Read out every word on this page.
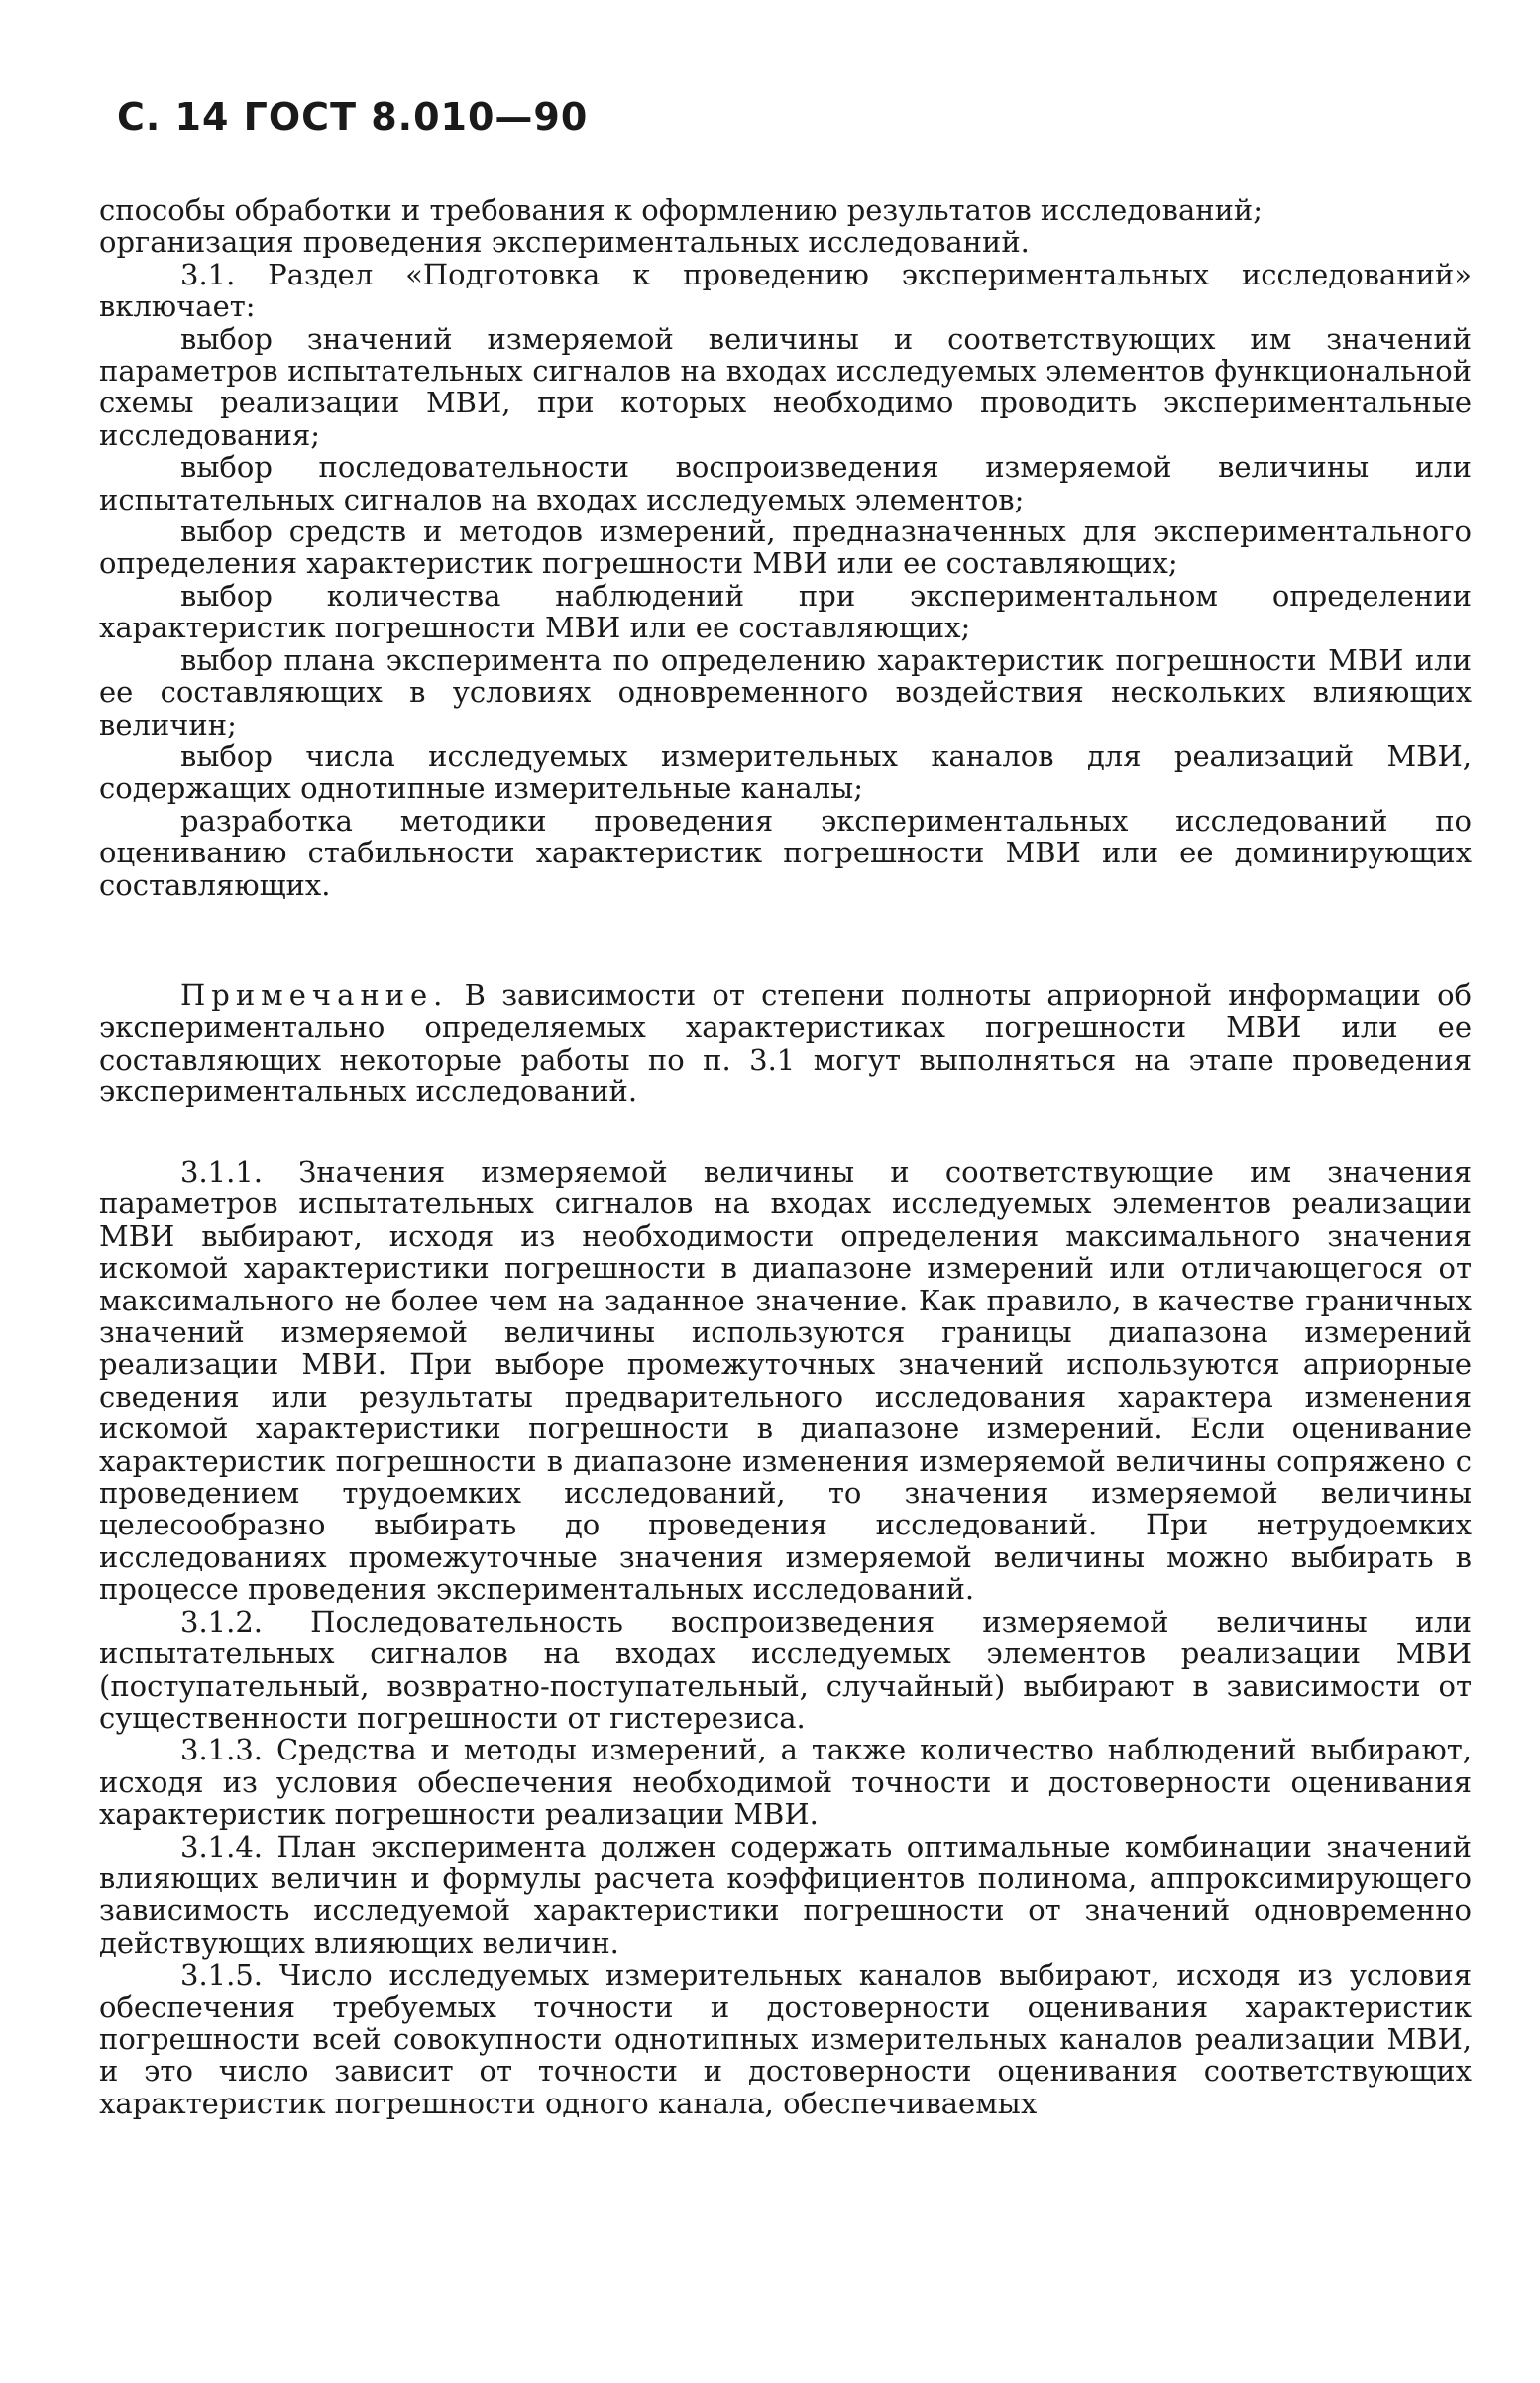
С. 14 ГОСТ 8.010—90

способы обработки и требования к оформлению результатов исследований;

организация проведения экспериментальных исследований.

3.1. Раздел «Подготовка к проведению экспериментальных исследований» включает:

выбор значений измеряемой величины и соответствующих им значений параметров испытательных сигналов на входах исследуемых элементов функциональной схемы реализации МВИ, при которых необходимо проводить экспериментальные исследования;

выбор последовательности воспроизведения измеряемой величины или испытательных сигналов на входах исследуемых элементов;

выбор средств и методов измерений, предназначенных для экспериментального определения характеристик погрешности МВИ или ее составляющих;

выбор количества наблюдений при экспериментальном определении характеристик погрешности МВИ или ее составляющих;

выбор плана эксперимента по определению характеристик погрешности МВИ или ее составляющих в условиях одновременного воздействия нескольких влияющих величин;

выбор числа исследуемых измерительных каналов для реализаций МВИ, содержащих однотипные измерительные каналы;

разработка методики проведения экспериментальных исследований по оцениванию стабильности характеристик погрешности МВИ или ее доминирующих составляющих.

Примечание. В зависимости от степени полноты априорной информации об экспериментально определяемых характеристиках погрешности МВИ или ее составляющих некоторые работы по п. 3.1 могут выполняться на этапе проведения экспериментальных исследований.

3.1.1. Значения измеряемой величины и соответствующие им значения параметров испытательных сигналов на входах исследуемых элементов реализации МВИ выбирают, исходя из необходимости определения максимального значения искомой характеристики погрешности в диапазоне измерений или отличающегося от максимального не более чем на заданное значение. Как правило, в качестве граничных значений измеряемой величины используются границы диапазона измерений реализации МВИ. При выборе промежуточных значений используются априорные сведения или результаты предварительного исследования характера изменения искомой характеристики погрешности в диапазоне измерений. Если оценивание характеристик погрешности в диапазоне изменения измеряемой величины сопряжено с проведением трудоемких исследований, то значения измеряемой величины целесообразно выбирать до проведения исследований. При нетрудоемких исследованиях промежуточные значения измеряемой величины можно выбирать в процессе проведения экспериментальных исследований.

3.1.2. Последовательность воспроизведения измеряемой величины или испытательных сигналов на входах исследуемых элементов реализации МВИ (поступательный, возвратно-поступательный, случайный) выбирают в зависимости от существенности погрешности от гистерезиса.

3.1.3. Средства и методы измерений, а также количество наблюдений выбирают, исходя из условия обеспечения необходимой точности и достоверности оценивания характеристик погрешности реализации МВИ.

3.1.4. План эксперимента должен содержать оптимальные комбинации значений влияющих величин и формулы расчета коэффициентов полинома, аппроксимирующего зависимость исследуемой характеристики погрешности от значений одновременно действующих влияющих величин.

3.1.5. Число исследуемых измерительных каналов выбирают, исходя из условия обеспечения требуемых точности и достоверности оценивания характеристик погрешности всей совокупности однотипных измерительных каналов реализации МВИ, и это число зависит от точности и достоверности оценивания соответствующих характеристик погрешности одного канала, обеспечиваемых
